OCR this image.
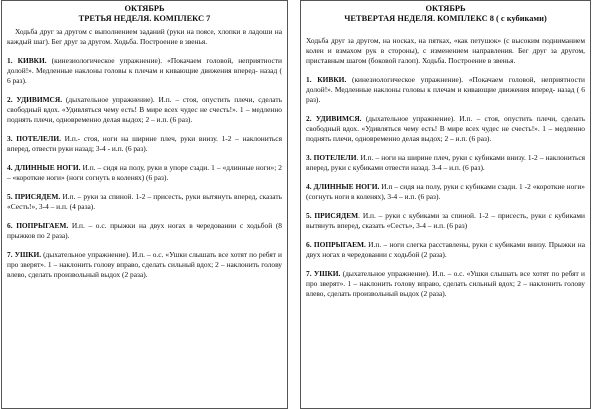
ОКТЯБРЬ
ТРЕТЬЯ НЕДЕЛЯ. КОМПЛЕКС 7

Ходьба друг за другом с выполнением заданий (руки на поясе, хлопки в ладоши на каждый шаг). Бег друг за другом. Ходьба. Построение в звенья.

1. КИВКИ. (кинезиологическое упражнение). «Покачаем головой, неприятности долой!». Медленные наклоны головы к плечам и кивающие движения вперед- назад ( 6 раз).

2. УДИВИМСЯ. (дыхательное упражнение). И.п. – стоя, опустить плечи, сделать свободный вдох. «Удивляться чему есть! В мире всех чудес не счесть!». 1 – медленно поднять плечи, одновременно делая выдох; 2 – и.п. (6 раз).

3. ПОТЕЛЕЛИ. И.п.- стоя, ноги на ширине плеч, руки внизу. 1-2 – наклониться вперед, отвести руки назад; 3-4 - и.п. (6 раз).

4. ДЛИННЫЕ НОГИ. И.п. – сидя на полу, руки в упоре сзади. 1 – «длинные ноги»; 2 – «короткие ноги» (ноги согнуть в коленях) (6 раз).

5. ПРИСЯДЕМ. И.п. – руки за спиной. 1-2 – присесть, руки вытянуть вперед, сказать «Сесть!», 3-4 – и.п. (4 раза).

6. ПОПРЫГАЕМ. И.п. – о.с. прыжки на двух ногах в чередовании с ходьбой (8 прыжков по 2 раза).

7. УШКИ. (дыхательное упражнение). И.п. – о.с. «Ушки слышать все хотят по ребят и про зверят». 1 – наклонить голову вправо, сделать сильный вдох; 2 – наклонить голову влево, сделать произвольный выдох (2 раза).

ОКТЯБРЬ
ЧЕТВЕРТАЯ НЕДЕЛЯ. КОМПЛЕКС 8 ( с кубиками)

Ходьба друг за другом, на носках, на пятках, «как петушок» (с высоким подниманием колен и взмахом рук в стороны), с изменением направления. Бег друг за другом, приставным шагом (боковой галоп). Ходьба. Построение в звенья.

1. КИВКИ. (кинезиологическое упражнение). «Покачаем головой, неприятности долой!». Медленные наклоны головы к плечам и кивающие движения вперед- назад ( 6 раз).

2. УДИВИМСЯ. (дыхательное упражнение). И.п. – стоя, опустить плечи, сделать свободный вдох. «Удивляться чему есть! В мире всех чудес не счесть!». 1 – медленно поднять плечи, одновременно делая выдох; 2 – и.п. (6 раз).

3. ПОТЕЛЕЛИ. И.п. – ноги на ширине плеч, руки с кубиками внизу. 1-2 – наклониться вперед, руки с кубиками отвести назад. 3-4 – и.п. (6 раз).

4. ДЛИННЫЕ НОГИ. И.п – сидя на полу, руки с кубиками сзади. 1 -2 «короткие ноги» (согнуть ноги в коленях), 3-4 – и.п. (6 раз).

5. ПРИСЯДЕМ. И.п. – руки с кубиками за спиной. 1-2 – присесть, руки с кубиками вытянуть вперед, сказать «Сесть», 3-4 – и.п. (6 раз)

6. ПОПРЫГАЕМ. И.п. – ноги слегка расставлены, руки с кубиками внизу. Прыжки на двух ногах в чередовании с ходьбой (2 раза).

7. УШКИ. (дыхательное упражнение). И.п. – о.с. «Ушки слышать все хотят по ребят и про зверят». 1 – наклонить голову вправо, сделать сильный вдох; 2 – наклонить голову влево, сделать произвольный выдох (2 раза).
